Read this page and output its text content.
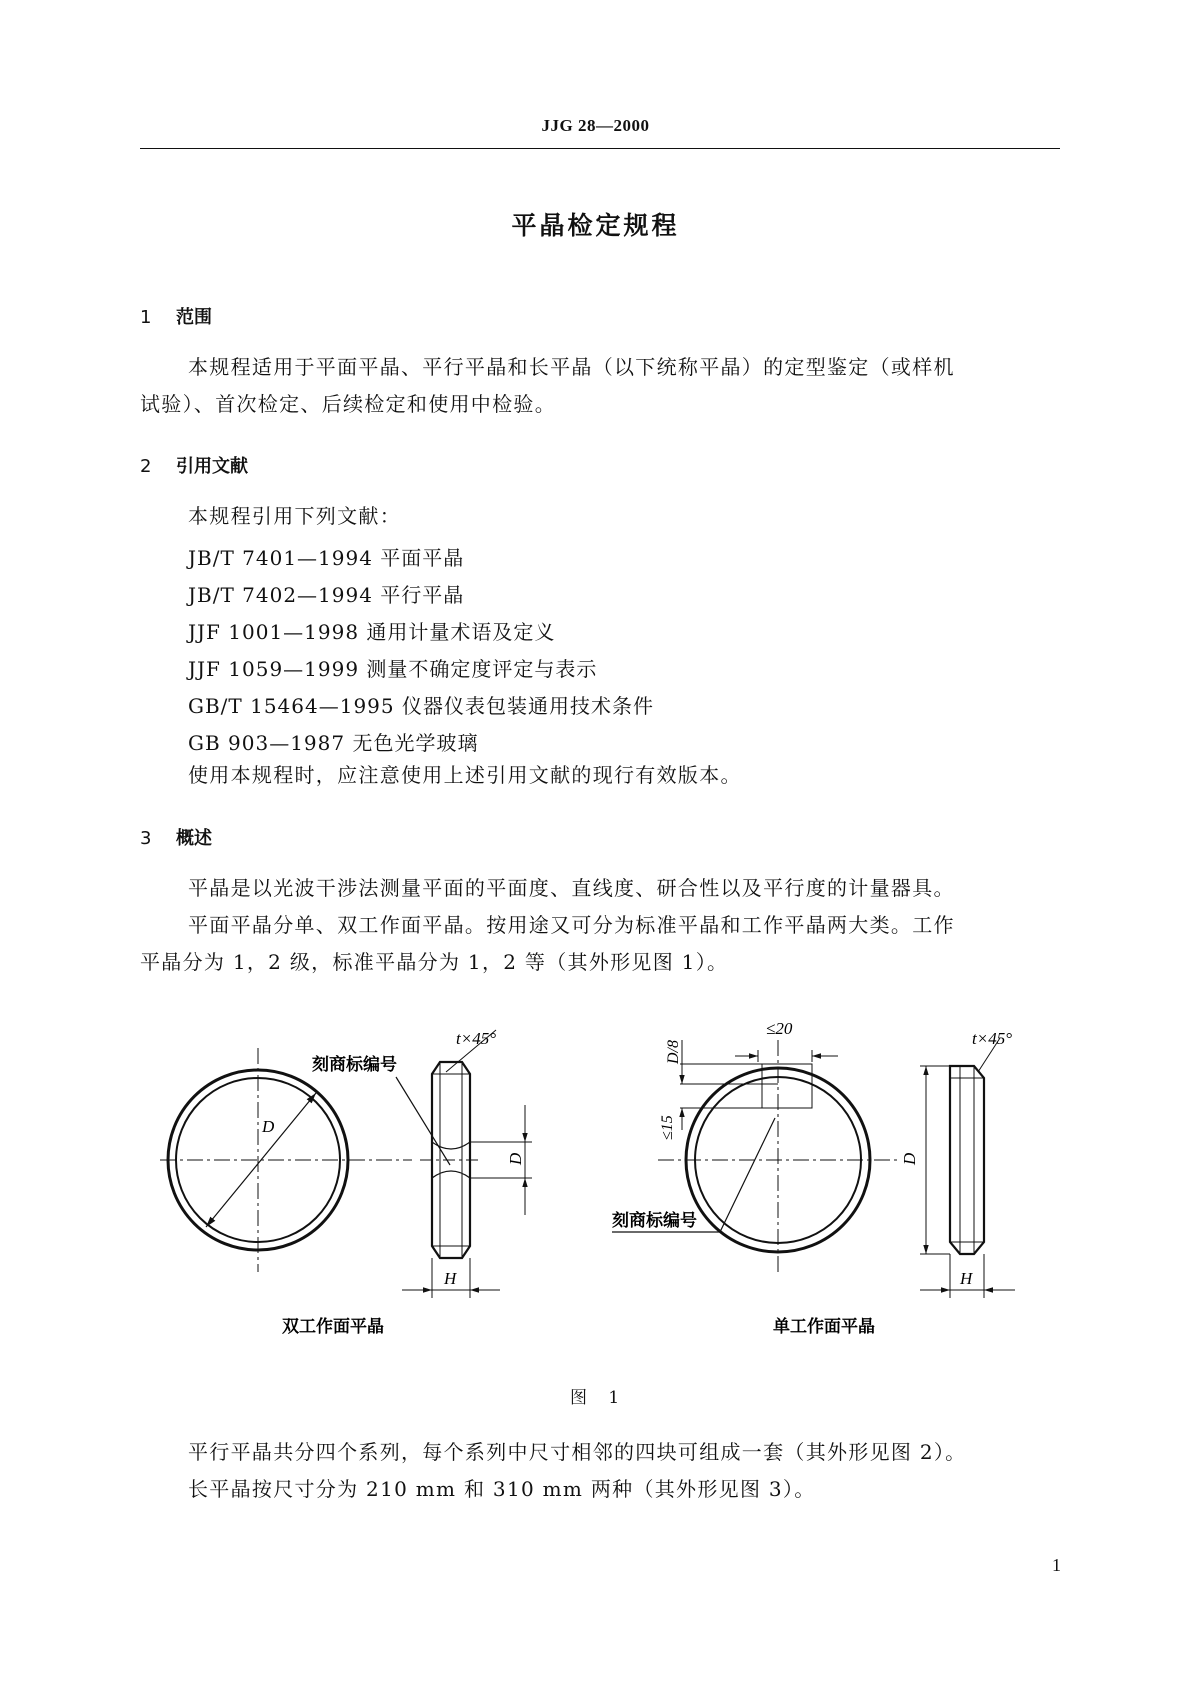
JJG 28—2000
平晶检定规程
1 范围
本规程适用于平面平晶、平行平晶和长平晶（以下统称平晶）的定型鉴定（或样机
试验）、首次检定、后续检定和使用中检验。
2 引用文献
本规程引用下列文献：
JB/T 7401—1994 平面平晶
JB/T 7402—1994 平行平晶
JJF 1001—1998 通用计量术语及定义
JJF 1059—1999 测量不确定度评定与表示
GB/T 15464—1995 仪器仪表包装通用技术条件
GB 903—1987 无色光学玻璃
使用本规程时，应注意使用上述引用文献的现行有效版本。
3 概述
平晶是以光波干涉法测量平面的平面度、直线度、研合性以及平行度的计量器具。
平面平晶分单、双工作面平晶。按用途又可分为标准平晶和工作平晶两大类。工作
平晶分为 1，2 级，标准平晶分为 1，2 等（其外形见图 1）。
D
刻商标编号
D
H
t×45°
双工作面平晶
≤20
D/8
≤15
刻商标编号
D
H
t×45°
单工作面平晶
图 1
平行平晶共分四个系列，每个系列中尺寸相邻的四块可组成一套（其外形见图 2）。
长平晶按尺寸分为 210 mm 和 310 mm 两种（其外形见图 3）。
1
